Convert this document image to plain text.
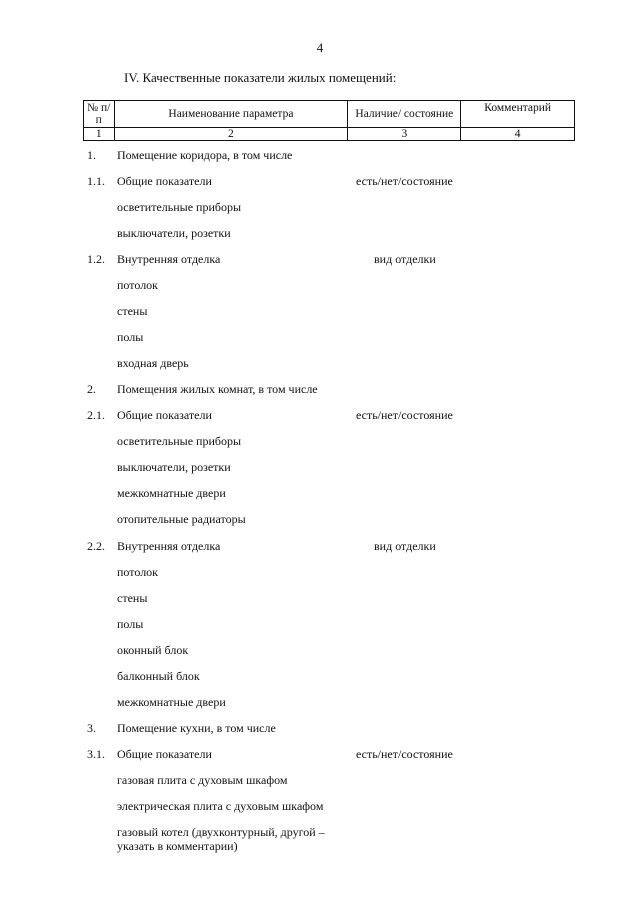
4
IV. Качественные показатели жилых помещений:
№ п/п	Наименование параметра	Наличие/ состояние	Комментарий
1	2	3	4
1. Помещение коридора, в том числе
1.1. Общие показатели	есть/нет/состояние
осветительные приборы
выключатели, розетки
1.2. Внутренняя отделка	вид отделки
потолок
стены
полы
входная дверь
2. Помещения жилых комнат, в том числе
2.1. Общие показатели	есть/нет/состояние
осветительные приборы
выключатели, розетки
межкомнатные двери
отопительные радиаторы
2.2. Внутренняя отделка	вид отделки
потолок
стены
полы
оконный блок
балконный блок
межкомнатные двери
3. Помещение кухни, в том числе
3.1. Общие показатели	есть/нет/состояние
газовая плита с духовым шкафом
электрическая плита с духовым шкафом
газовый котел (двухконтурный, другой – указать в комментарии)
